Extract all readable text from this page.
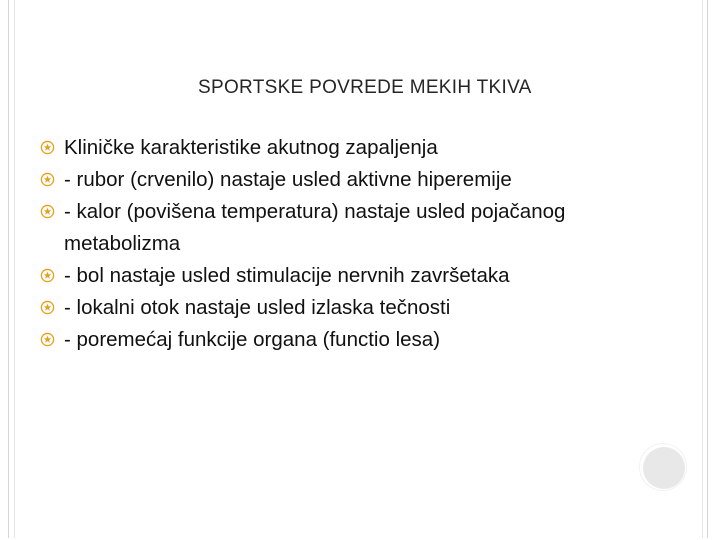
SPORTSKE POVREDE MEKIH TKIVA
Kliničke karakteristike akutnog zapaljenja
- rubor (crvenilo) nastaje usled aktivne hiperemije
- kalor (povišena temperatura) nastaje usled pojačanog metabolizma
- bol nastaje usled stimulacije nervnih završetaka
- lokalni otok nastaje usled izlaska tečnosti
- poremećaj funkcije organa (functio lesa)
